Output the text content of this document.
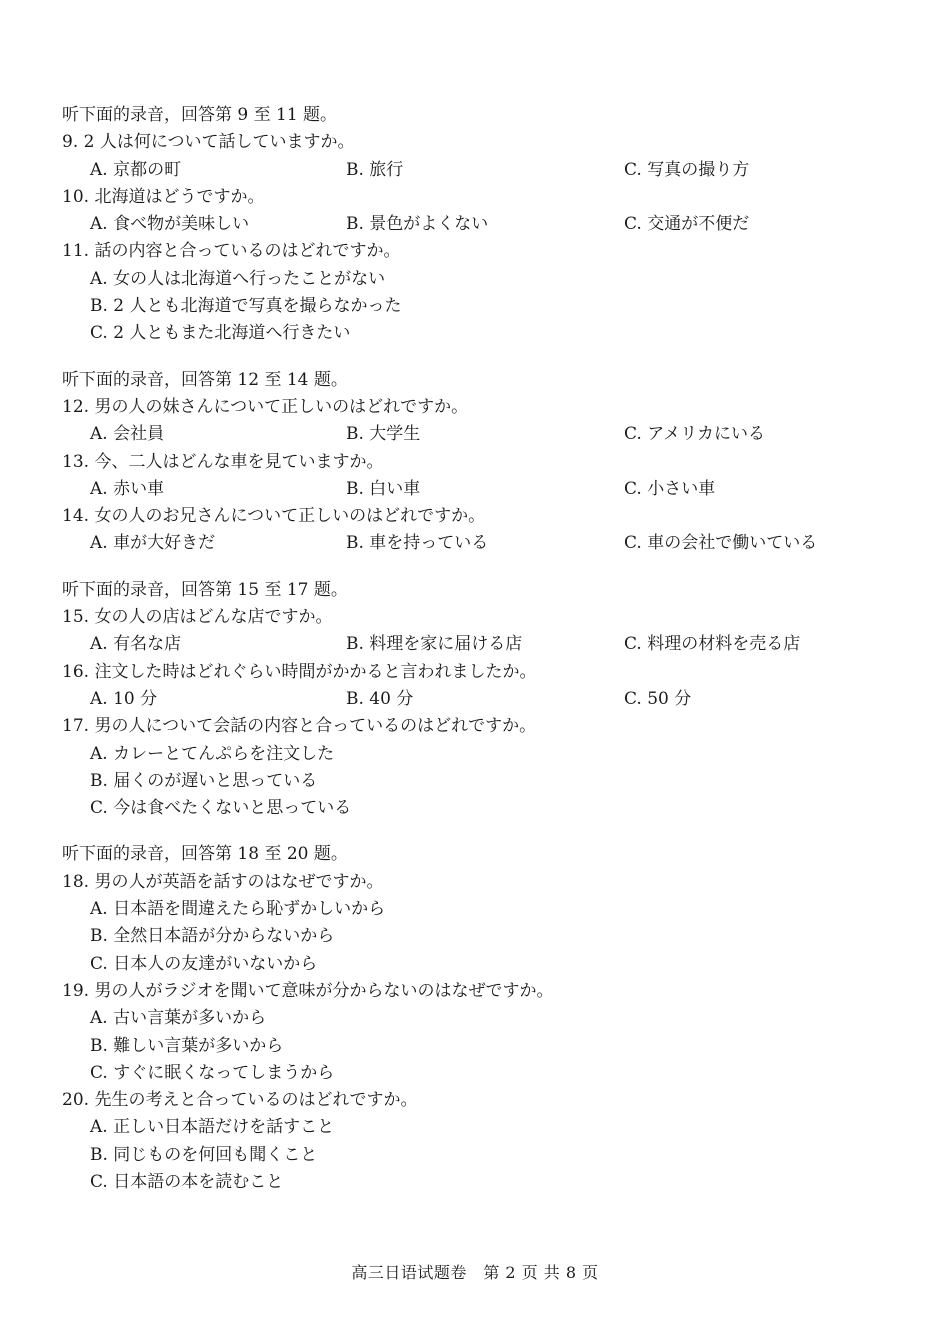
听下面的录音，回答第 9 至 11 题。
9. 2 人は何について話していますか。
A. 京都の町	B. 旅行	C. 写真の撮り方
10. 北海道はどうですか。
A. 食べ物が美味しい	B. 景色がよくない	C. 交通が不便だ
11. 話の内容と合っているのはどれですか。
A. 女の人は北海道へ行ったことがない
B. 2 人とも北海道で写真を撮らなかった
C. 2 人ともまた北海道へ行きたい
听下面的录音，回答第 12 至 14 题。
12. 男の人の妹さんについて正しいのはどれですか。
A. 会社員	B. 大学生	C. アメリカにいる
13. 今、二人はどんな車を見ていますか。
A. 赤い車	B. 白い車	C. 小さい車
14. 女の人のお兄さんについて正しいのはどれですか。
A. 車が大好きだ	B. 車を持っている	C. 車の会社で働いている
听下面的录音，回答第 15 至 17 题。
15. 女の人の店はどんな店ですか。
A. 有名な店	B. 料理を家に届ける店	C. 料理の材料を売る店
16. 注文した時はどれぐらい時間がかかると言われましたか。
A. 10 分	B. 40 分	C. 50 分
17. 男の人について会話の内容と合っているのはどれですか。
A. カレーとてんぷらを注文した
B. 届くのが遅いと思っている
C. 今は食べたくないと思っている
听下面的录音，回答第 18 至 20 题。
18. 男の人が英語を話すのはなぜですか。
A. 日本語を間違えたら恥ずかしいから
B. 全然日本語が分からないから
C. 日本人の友達がいないから
19. 男の人がラジオを聞いて意味が分からないのはなぜですか。
A. 古い言葉が多いから
B. 難しい言葉が多いから
C. すぐに眠くなってしまうから
20. 先生の考えと合っているのはどれですか。
A. 正しい日本語だけを話すこと
B. 同じものを何回も聞くこと
C. 日本語の本を読むこと
高三日语试题卷　第 2 页 共 8 页
